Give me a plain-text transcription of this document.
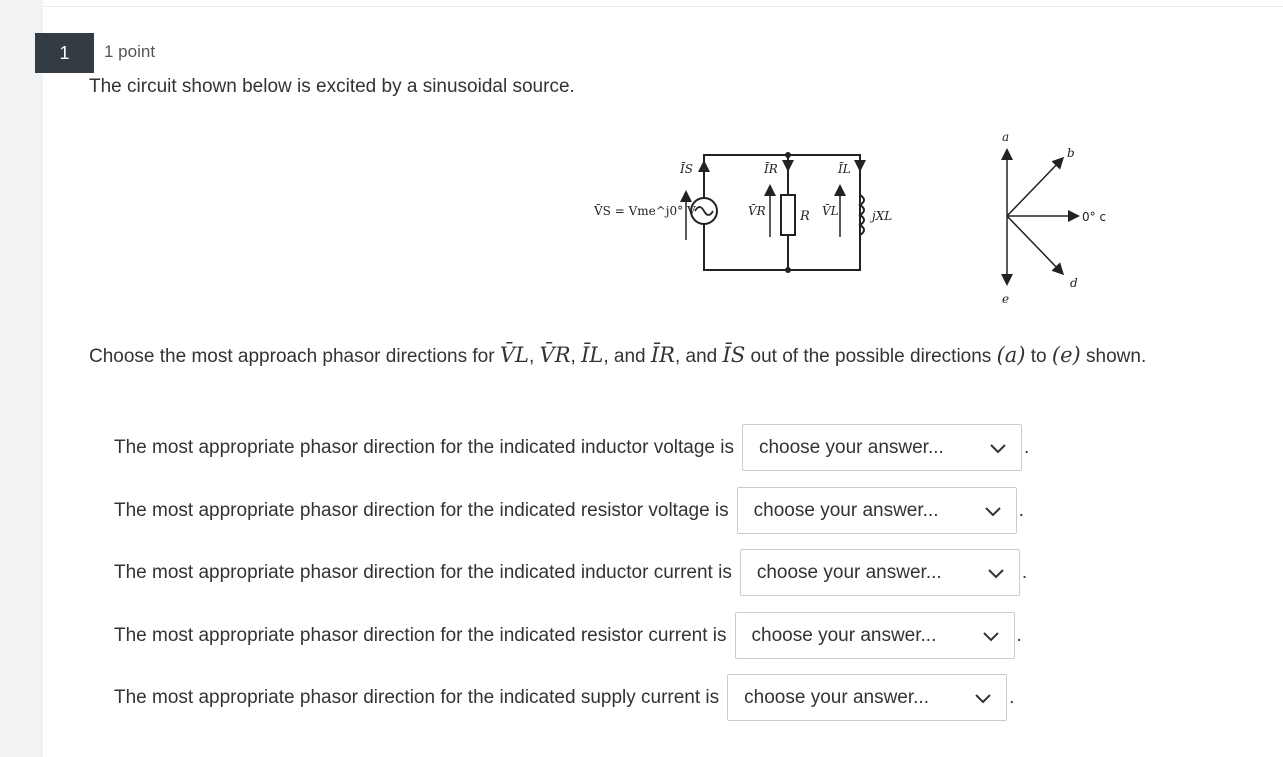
1	1 point
The circuit shown below is excited by a sinusoidal source.
V̄S = Vme^j0° V
ĪS	ĪR	ĪL
V̄R	R V̄L	jXL
a
b
0° c
d
e
Choose the most approach phasor directions for V̄L, V̄R, ĪL, and ĪR, and ĪS out of the possible directions (a) to (e) shown.
The most appropriate phasor direction for the indicated inductor voltage is choose your answer...	.
The most appropriate phasor direction for the indicated resistor voltage is choose your answer...	.
The most appropriate phasor direction for the indicated inductor current is choose your answer...	.
The most appropriate phasor direction for the indicated resistor current is choose your answer...	.
The most appropriate phasor direction for the indicated supply current is choose your answer...	.
